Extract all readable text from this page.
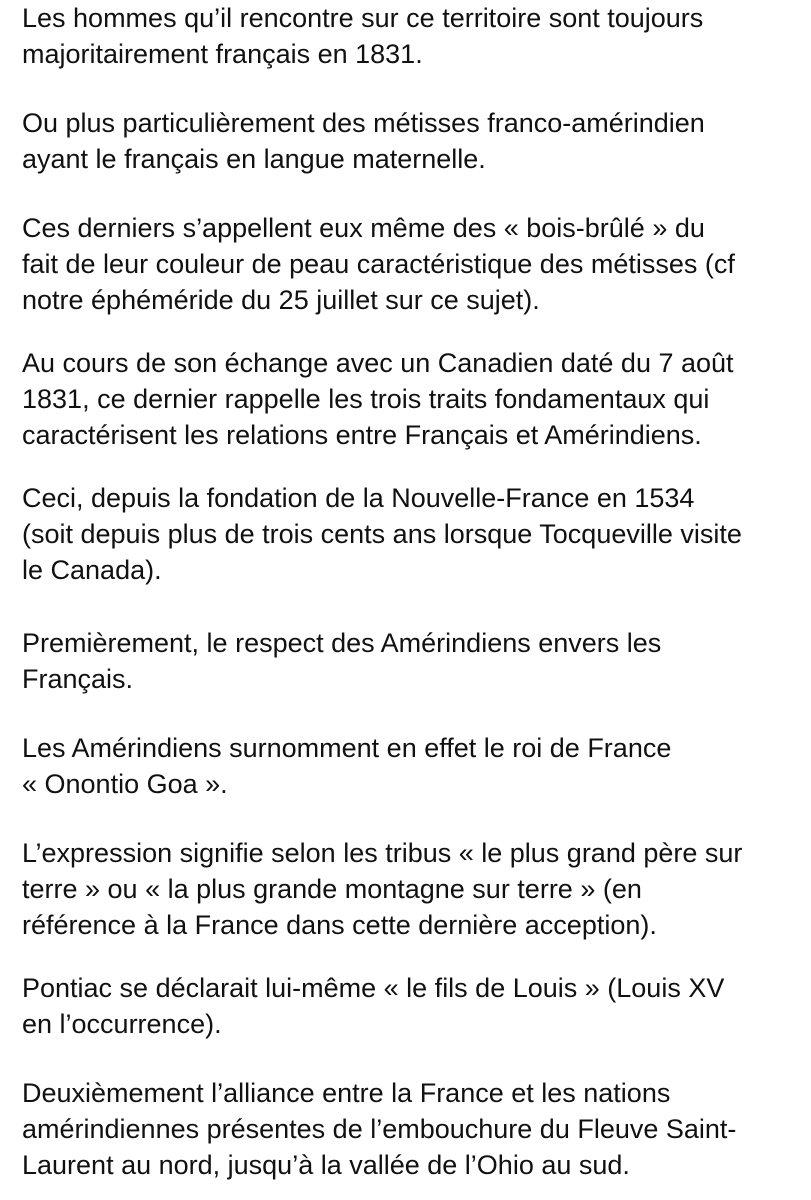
Les hommes qu’il rencontre sur ce territoire sont toujours
majoritairement français en 1831.

Ou plus particulièrement des métisses franco-amérindien
ayant le français en langue maternelle.

Ces derniers s’appellent eux même des « bois-brûlé » du
fait de leur couleur de peau caractéristique des métisses (cf
notre éphéméride du 25 juillet sur ce sujet).

Au cours de son échange avec un Canadien daté du 7 août
1831, ce dernier rappelle les trois traits fondamentaux qui
caractérisent les relations entre Français et Amérindiens.

Ceci, depuis la fondation de la Nouvelle-France en 1534
(soit depuis plus de trois cents ans lorsque Tocqueville visite
le Canada).

Premièrement, le respect des Amérindiens envers les
Français.

Les Amérindiens surnomment en effet le roi de France
« Onontio Goa ».

L’expression signifie selon les tribus « le plus grand père sur
terre » ou « la plus grande montagne sur terre » (en
référence à la France dans cette dernière acception).

Pontiac se déclarait lui-même « le fils de Louis » (Louis XV
en l’occurrence).

Deuxièmement l’alliance entre la France et les nations
amérindiennes présentes de l’embouchure du Fleuve Saint-
Laurent au nord, jusqu’à la vallée de l’Ohio au sud.
